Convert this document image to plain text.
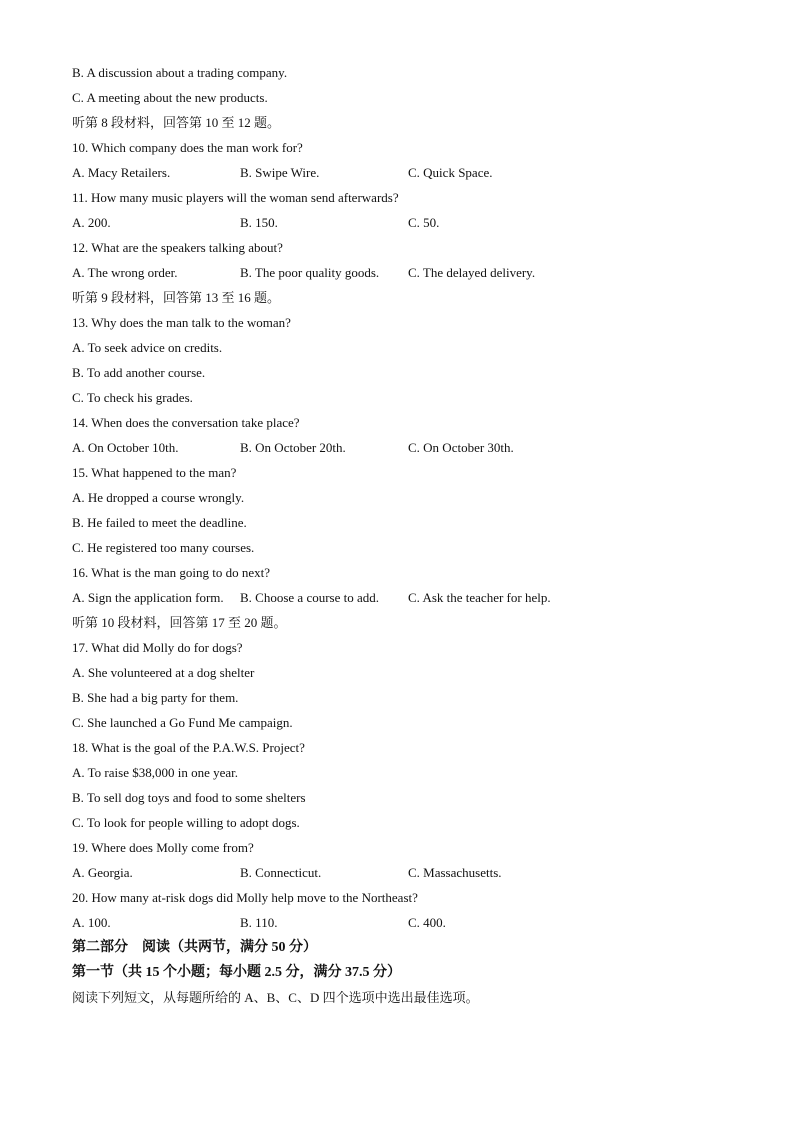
B. A discussion about a trading company.
C. A meeting about the new products.
听第 8 段材料，回答第 10 至 12 题。
10. Which company does the man work for?
A. Macy Retailers.	B. Swipe Wire.	C. Quick Space.
11. How many music players will the woman send afterwards?
A. 200.	B. 150.	C. 50.
12. What are the speakers talking about?
A. The wrong order.	B. The poor quality goods. C. The delayed delivery.
听第 9 段材料，回答第 13 至 16 题。
13. Why does the man talk to the woman?
A. To seek advice on credits.
B. To add another course.
C. To check his grades.
14. When does the conversation take place?
A. On October 10th.	B. On October 20th.	C. On October 30th.
15. What happened to the man?
A. He dropped a course wrongly.
B. He failed to meet the deadline.
C. He registered too many courses.
16. What is the man going to do next?
A. Sign the application form. B. Choose a course to add. C. Ask the teacher for help.
听第 10 段材料，回答第 17 至 20 题。
17. What did Molly do for dogs?
A. She volunteered at a dog shelter
B. She had a big party for them.
C. She launched a Go Fund Me campaign.
18. What is the goal of the P.A.W.S. Project?
A. To raise $38,000 in one year.
B. To sell dog toys and food to some shelters
C. To look for people willing to adopt dogs.
19. Where does Molly come from?
A. Georgia.	B. Connecticut.	C. Massachusetts.
20. How many at-risk dogs did Molly help move to the Northeast?
A. 100.	B. 110.	C. 400.
第二部分　阅读（共两节，满分 50 分）
第一节（共 15 个小题；每小题 2.5 分，满分 37.5 分）
阅读下列短文，从每题所给的 A、B、C、D 四个选项中选出最佳选项。
